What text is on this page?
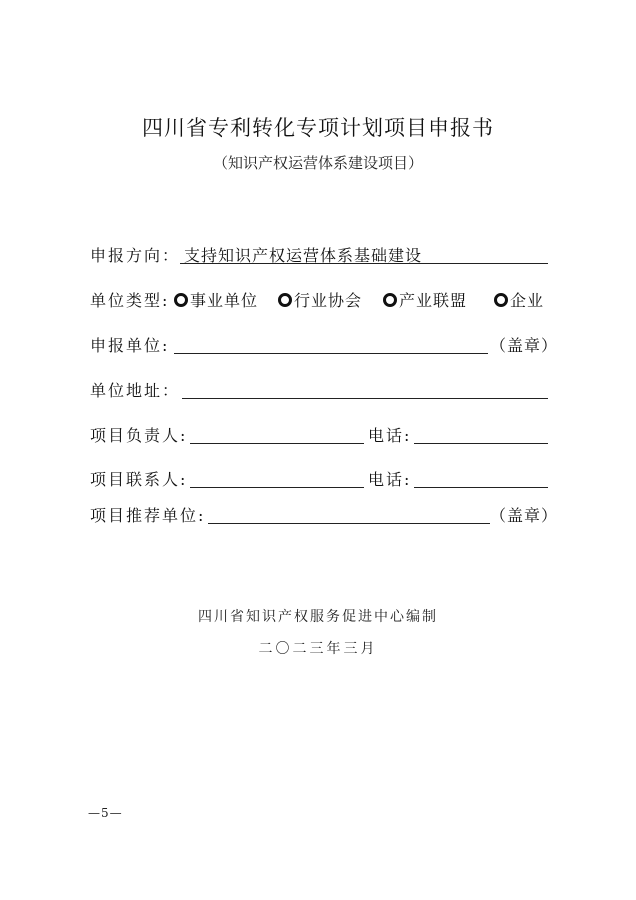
四川省专利转化专项计划项目申报书
（知识产权运营体系建设项目）
申报方向： 支持知识产权运营体系基础建设
单位类型:	事业单位	行业协会	产业联盟	企业
申报单位:	（盖章）
单位地址：
项目负责人:	电话:
项目联系人:	电话:
项目推荐单位:	（盖章）
四川省知识产权服务促进中心编制
二〇二三年三月
—5—
